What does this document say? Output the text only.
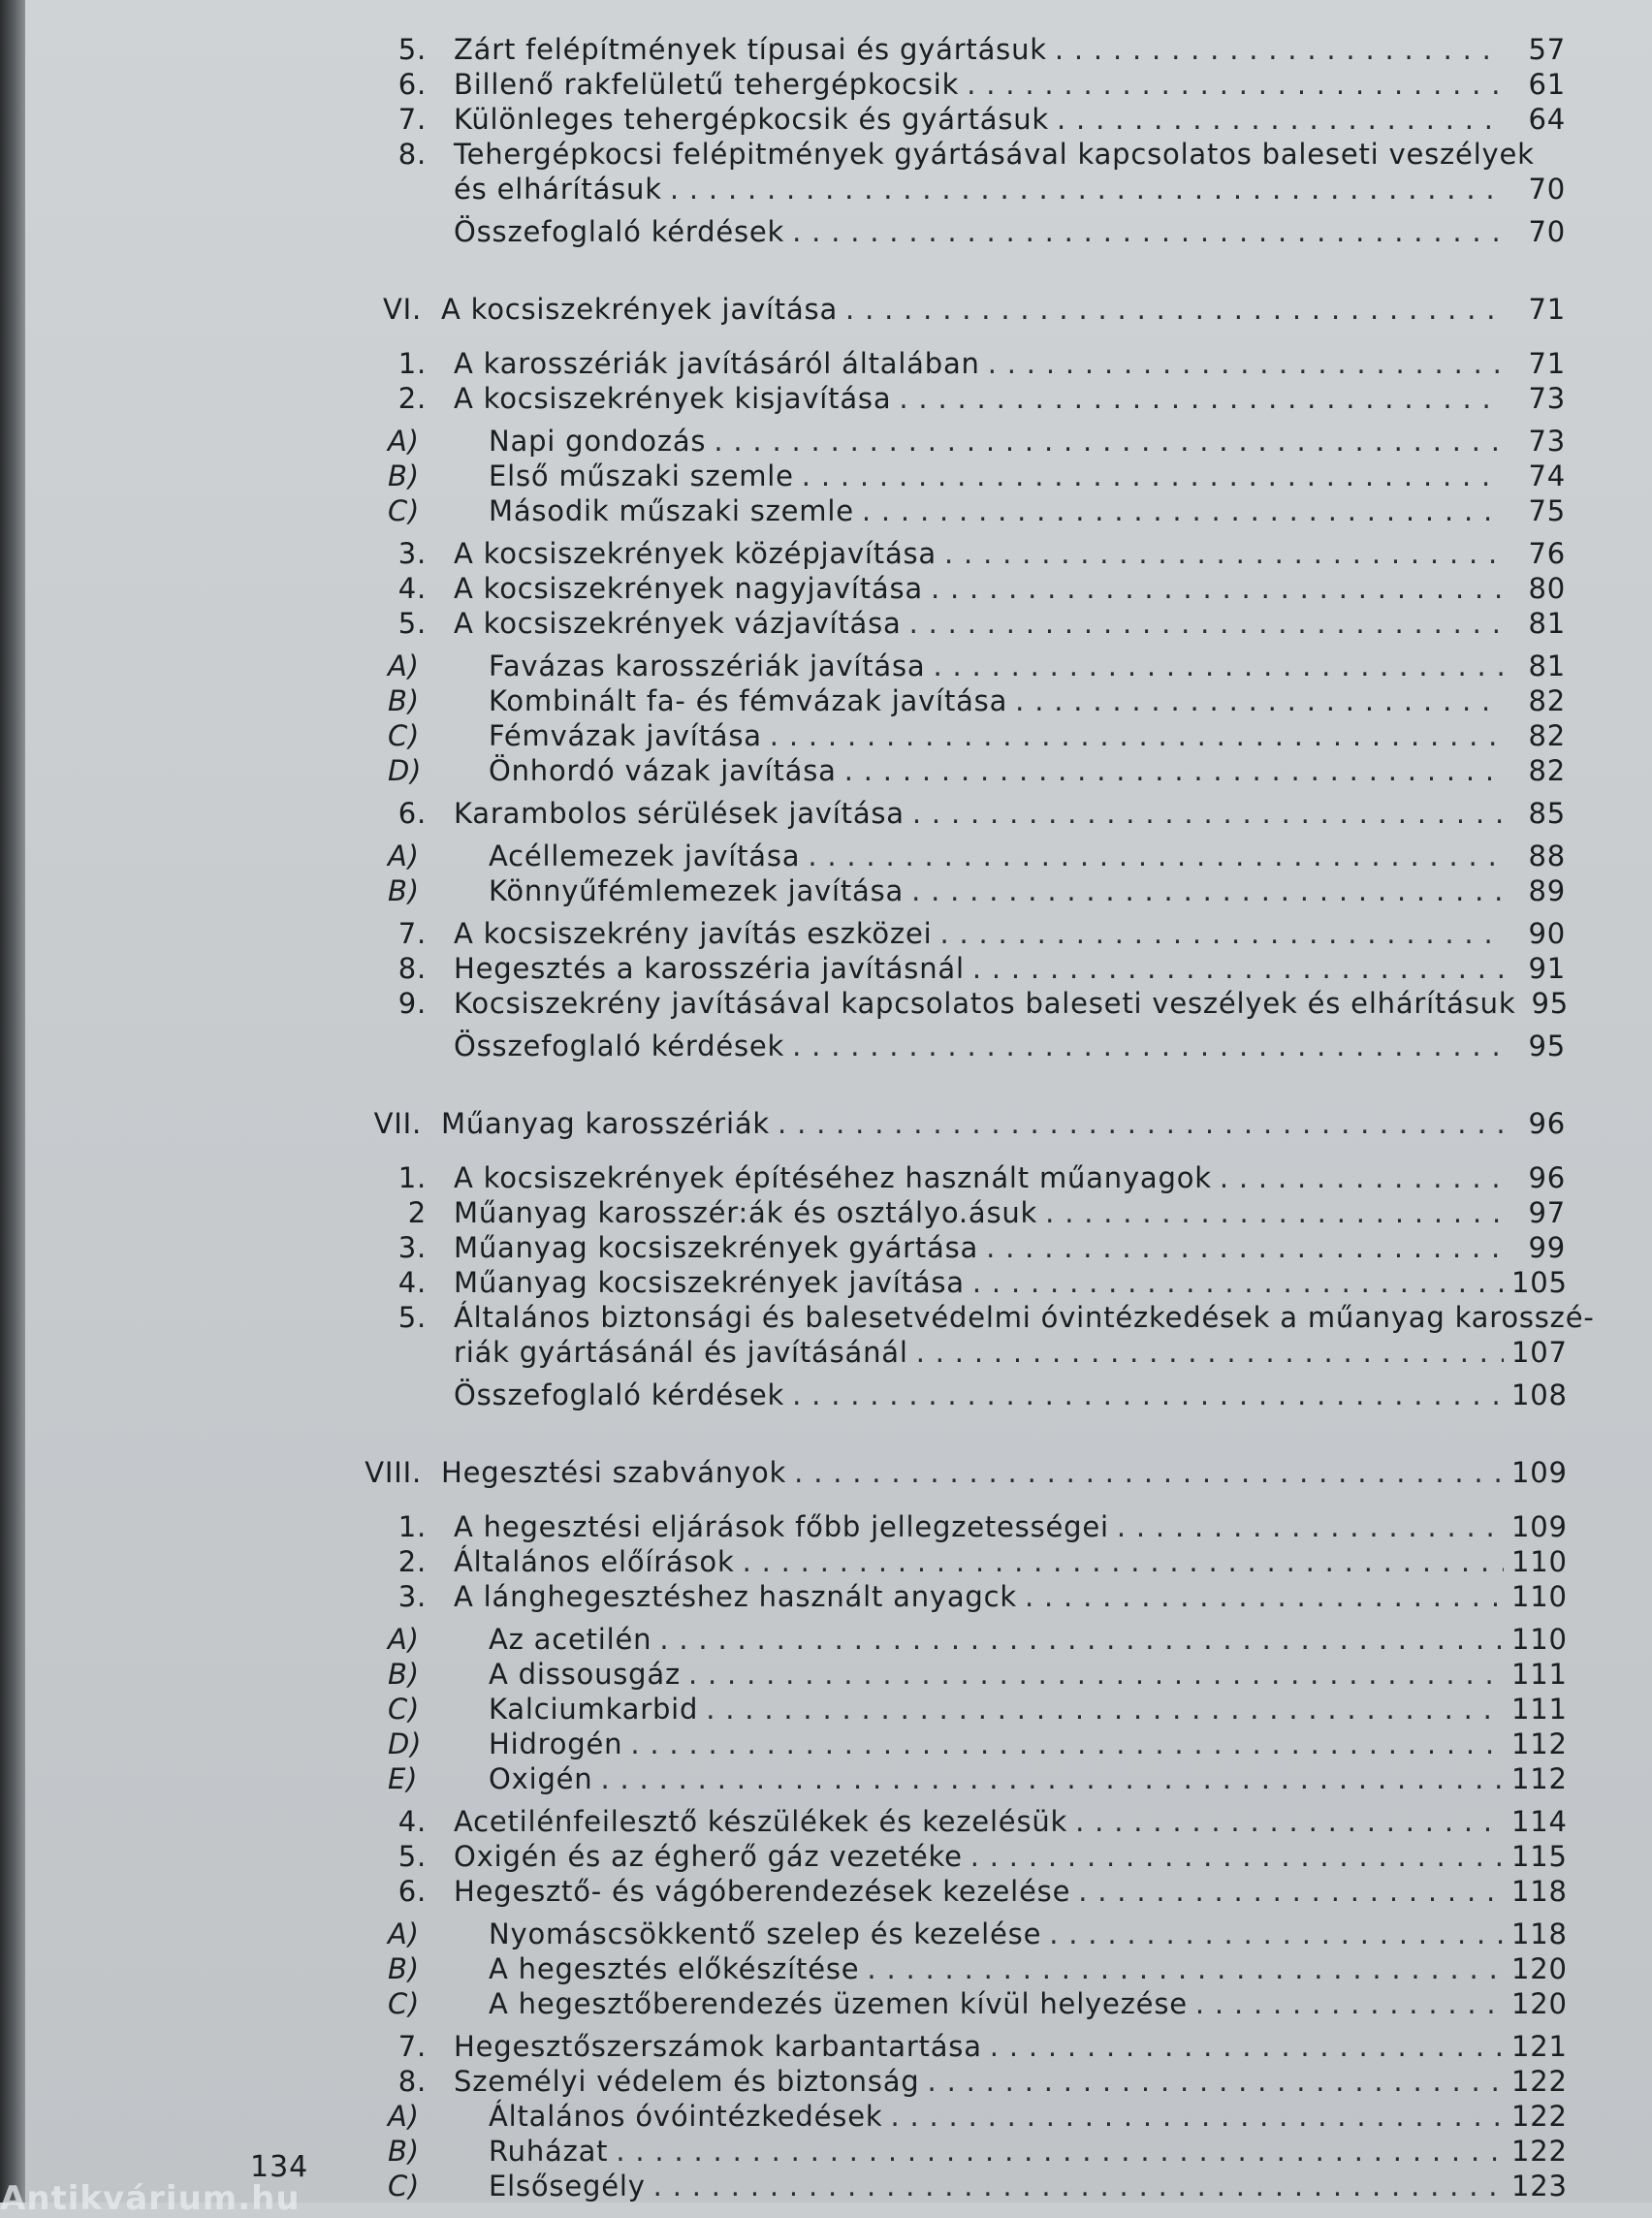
5. Zárt felépítmények típusai és gyártásuk . . .	57
6. Billenő rakfelületű tehergépkocsik . . .	61
7. Különleges tehergépkocsik és gyártásuk . . .	64
8. Tehergépkocsi felépitmények gyártásával kapcsolatos baleseti veszélyek
és elhárításuk . . .	70
Összefoglaló kérdések . . .	70
VI. A kocsiszekrények javítása . . .	71
1. A karosszériák javításáról általában . . .	71
2. A kocsiszekrények kisjavítása . . .	73
A)	Napi gondozás . . .	73
B)	Első műszaki szemle . . .	74
C)	Második műszaki szemle . . .	75
3. A kocsiszekrények középjavítása . . .	76
4. A kocsiszekrények nagyjavítása . . .	80
5. A kocsiszekrények vázjavítása . . .	81
A)	Favázas karosszériák javítása . . .	81
B)	Kombinált fa- és fémvázak javítása . . .	82
C)	Fémvázak javítása . . .	82
D)	Önhordó vázak javítása . . .	82
6. Karambolos sérülések javítása . . .	85
A)	Acéllemezek javítása . . .	88
B)	Könnyűfémlemezek javítása . . .	89
7. A kocsiszekrény javítás eszközei . . .	90
8. Hegesztés a karosszéria javításnál . . .	91
9. Kocsiszekrény javításával kapcsolatos baleseti veszélyek és elhárításuk 95
Összefoglaló kérdések . . .	95
VII. Műanyag karosszériák . . .	96
1. A kocsiszekrények építéséhez használt műanyagok . . .	96
2 Műanyag karosszér:ák és osztályo.ásuk . . .	97
3. Műanyag kocsiszekrények gyártása . . .	99
4. Műanyag kocsiszekrények javítása . . .	105
5. Általános biztonsági és balesetvédelmi óvintézkedések a műanyag karosszé-
riák gyártásánál és javításánál . . .	107
Összefoglaló kérdések . . .	108
VIII. Hegesztési szabványok . . .	109
1. A hegesztési eljárások főbb jellegzetességei . . .	109
2. Általános előírások . . .	110
3. A lánghegesztéshez használt anyagck . . .	110
A)	Az acetilén . . .	110
B)	A dissousgáz . . .	111
C)	Kalciumkarbid . . .	111
D)	Hidrogén . . .	112
E)	Oxigén . . .	112
4. Acetilénfeilesztő készülékek és kezelésük . . .	114
5. Oxigén és az égherő gáz vezetéke . . .	115
6. Hegesztő- és vágóberendezések kezelése . . .	118
A)	Nyomáscsökkentő szelep és kezelése . . .	118
B)	A hegesztés előkészítése . . .	120
C)	A hegesztőberendezés üzemen kívül helyezése . . .	120
7. Hegesztőszerszámok karbantartása . . .	121
8. Személyi védelem és biztonság . . .	122
A)	Általános óvóintézkedések . . .	122
B)	Ruházat . . .	122
C)	Elsősegély . . .	123
134
Antikvárium.hu
